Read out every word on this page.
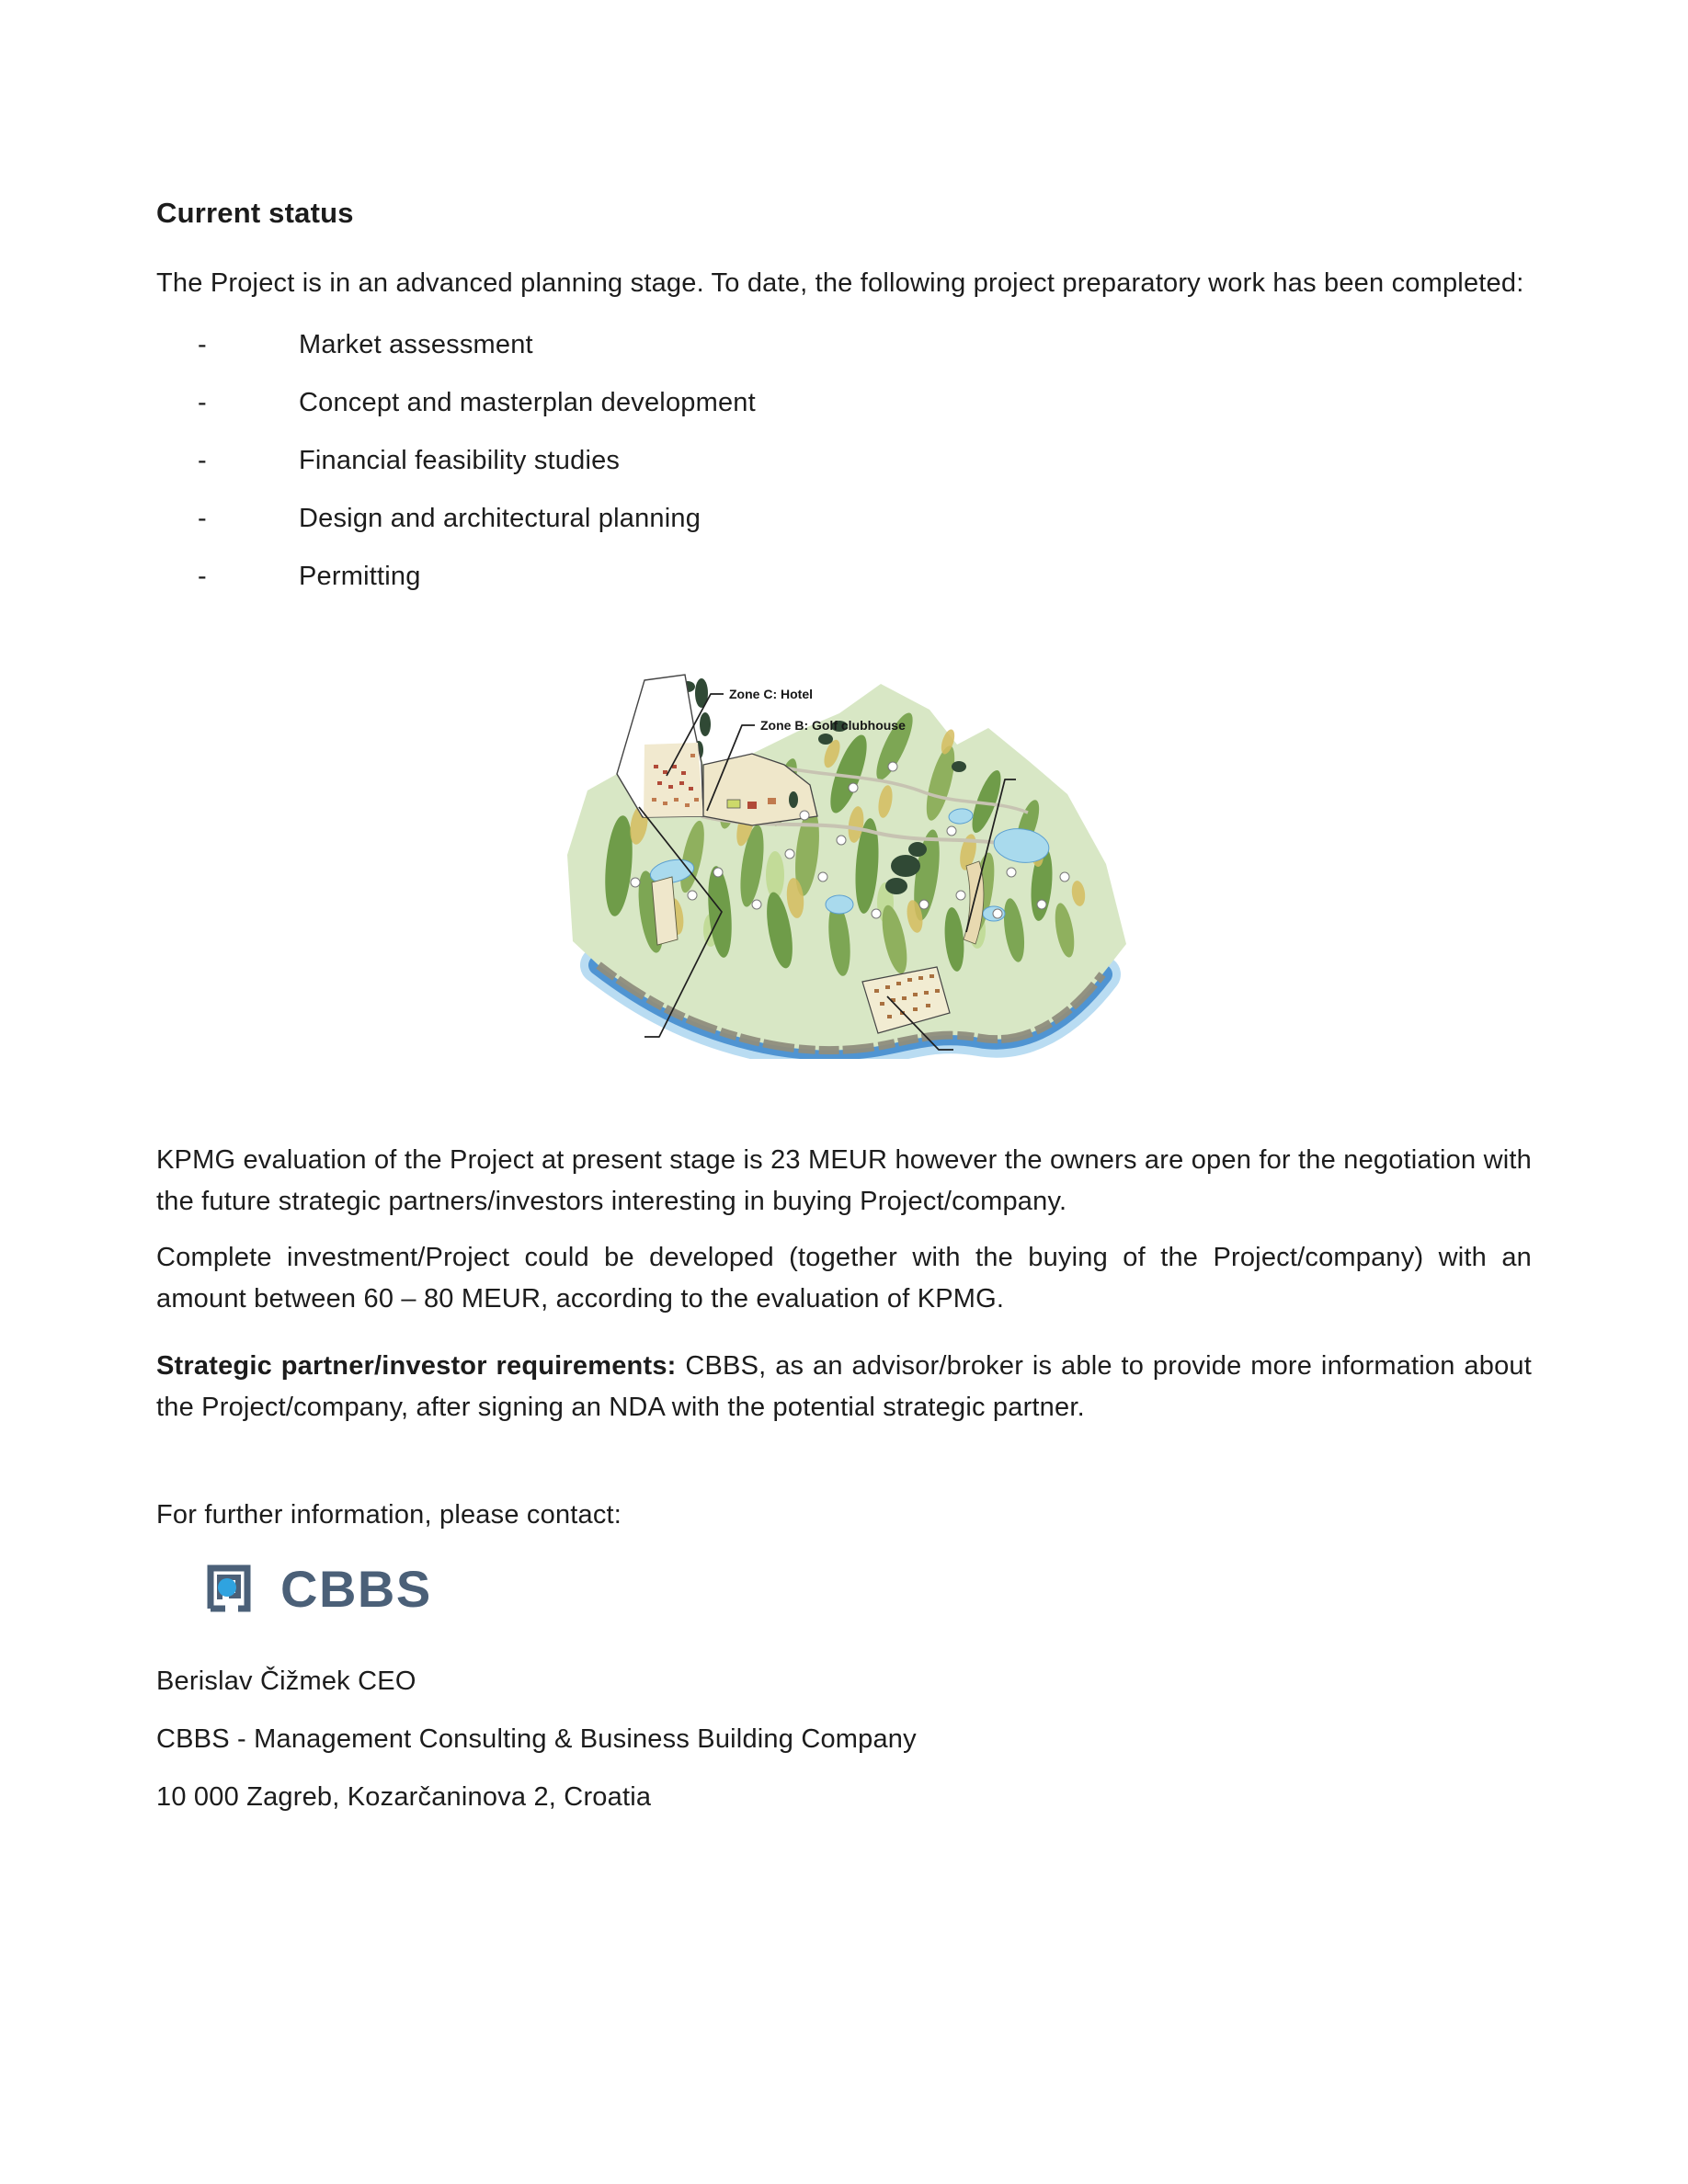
Current status

The Project is in an advanced planning stage. To date, the following project preparatory work has been completed:

-	Market assessment
-	Concept and masterplan development
-	Financial feasibility studies
-	Design and architectural planning
-	Permitting
Zone C: Hotel
Zone B: Golf clubhouse

KPMG evaluation of the Project at present stage is 23 MEUR however the owners are open for the negotiation with the future strategic partners/investors interesting in buying Project/company.

Complete investment/Project could be developed (together with the buying of the Project/company) with an amount between 60 – 80 MEUR, according to the evaluation of KPMG.

Strategic partner/investor requirements: CBBS, as an advisor/broker is able to provide more information about the Project/company, after signing an NDA with the potential strategic partner.

For further information, please contact:

CBBS

Berislav Čižmek CEO

CBBS - Management Consulting & Business Building Company

10 000 Zagreb, Kozarčaninova 2, Croatia
